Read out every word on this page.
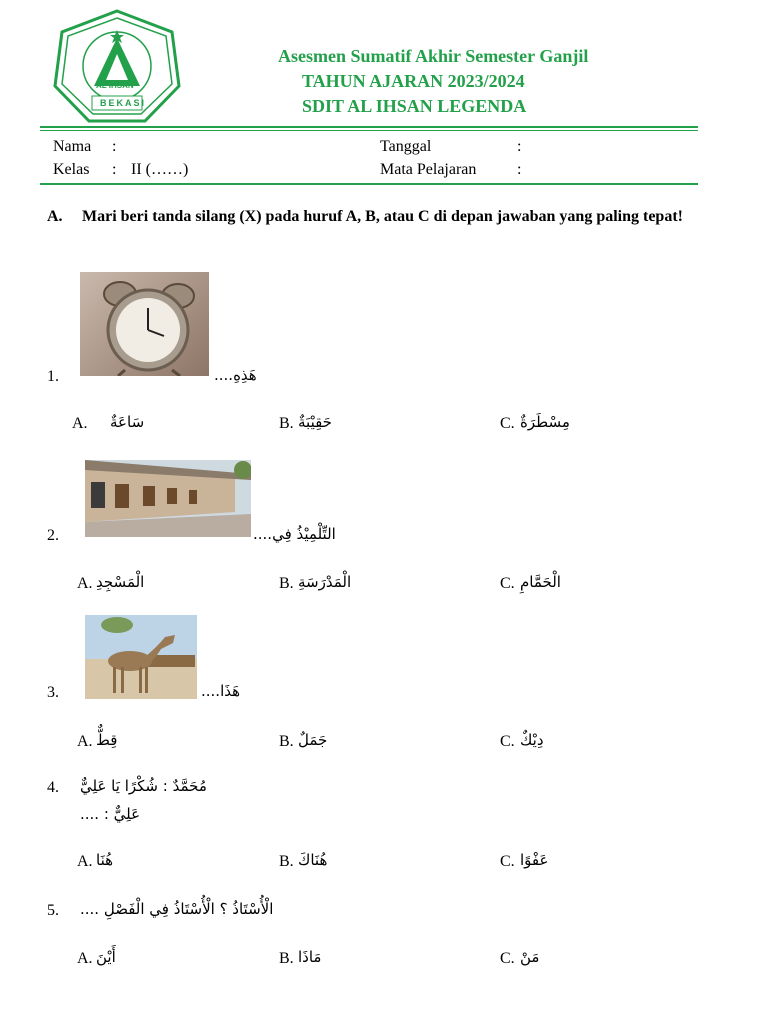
AL IHSAN
BEKASI
Asesmen Sumatif Akhir Semester Ganjil
TAHUN AJARAN 2023/2024
SDIT AL IHSAN LEGENDA
Nama :
Kelas : II (……)
Tanggal	:
Mata Pelajaran	:
A. Mari beri tanda silang (X) pada huruf A, B, atau C di depan jawaban yang paling tepat!
1.	هَذِهِ....
A. سَاعَةٌ	B. حَقِيْبَةٌ	C. مِسْطَرَةٌ
2.	التِّلْمِيْذُ فِي....
A. الْمَسْجِدِ	B. الْمَدْرَسَةِ	C. الْحَمَّامِ
3.	هَذَا....
A. قِطٌّ	B. جَمَلٌ	C. دِيْكٌ
4. مُحَمَّدٌ : شُكْرًا يَا عَلِيٌّ
عَلِيٌّ : ....
A. هُنَا	B. هُنَاكَ	C. عَفْوًا
5. الْأُسْتَاذُ ؟ الْأُسْتَاذُ فِي الْفَصْلِ ....
A. أَيْنَ	B. مَاذَا	C. مَنْ
